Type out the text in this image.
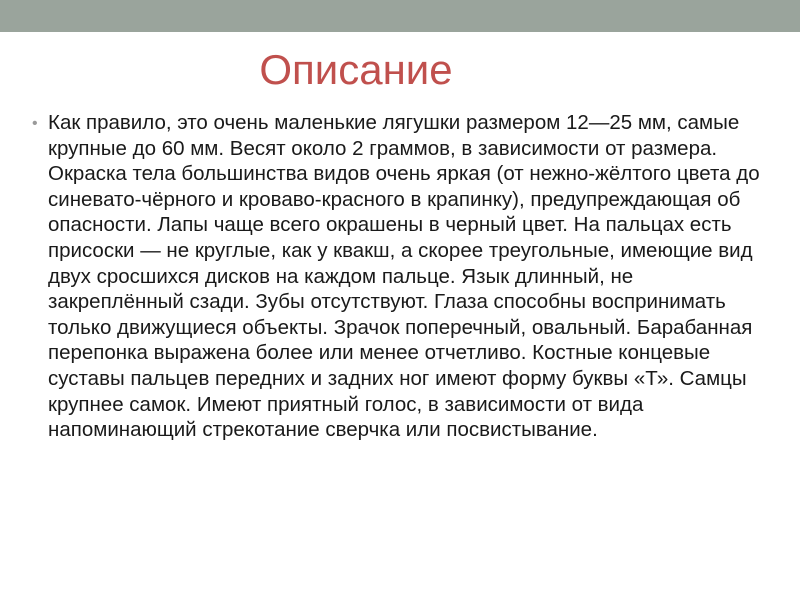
Описание
• Как правило, это очень маленькие лягушки размером 12—25 мм, самые крупные до 60 мм. Весят около 2 граммов, в зависимости от размера. Окраска тела большинства видов очень яркая (от нежно-жёлтого цвета до синевато-чёрного и кроваво-красного в крапинку), предупреждающая об опасности. Лапы чаще всего окрашены в черный цвет. На пальцах есть присоски — не круглые, как у квакш, а скорее треугольные, имеющие вид двух сросшихся дисков на каждом пальце. Язык длинный, не закреплённый сзади. Зубы отсутствуют. Глаза способны воспринимать только движущиеся объекты. Зрачок поперечный, овальный. Барабанная перепонка выражена более или менее отчетливо. Костные концевые суставы пальцев передних и задних ног имеют форму буквы «Т». Самцы крупнее самок. Имеют приятный голос, в зависимости от вида напоминающий стрекотание сверчка или посвистывание.
